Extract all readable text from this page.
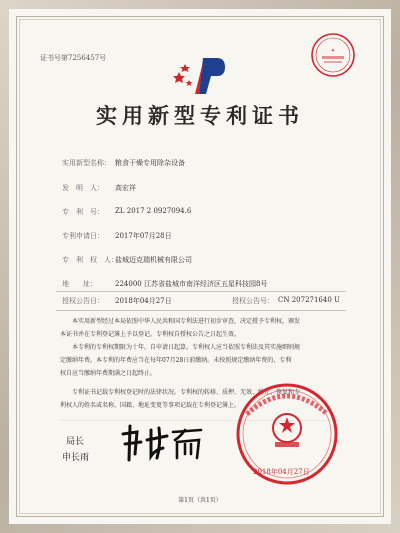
证书号第7256457号
✦
实用新型专利证书
实用新型名称： 粮食干燥专用除杂设备
发　明　人： 高宏祥
专　利　号： ZL 2017 2 0927094.6
专利申请日： 2017年07月28日
专　利　权　人：
盐城迈克瑞机械有限公司
地　　址：	224000 江苏省盐城市南洋经济区五星科技园8号
授权公告日： 2018年04月27日	授权公告号： CN 207271640 U

本实用新型经过本局依照中华人民共和国专利法进行初步审查，决定授予专利权，颁发

本证书并在专利登记簿上予以登记。专利权自授权公告之日起生效。

本专利的专利权期限为十年，自申请日起算。专利权人应当依照专利法及其实施细则规

定缴纳年费。本专利的年费应当在每年07月28日前缴纳。未按照规定缴纳年费的，专利

权自应当缴纳年费期满之日起终止。

专利证书记载专利权登记时的法律状况。专利权的转移、质押、无效、终止、恢复和专

利权人的姓名或名称、国籍、地址变更等事项记载在专利登记簿上。

局长
申长雨
2018年04月27日
第1页（共1页）
